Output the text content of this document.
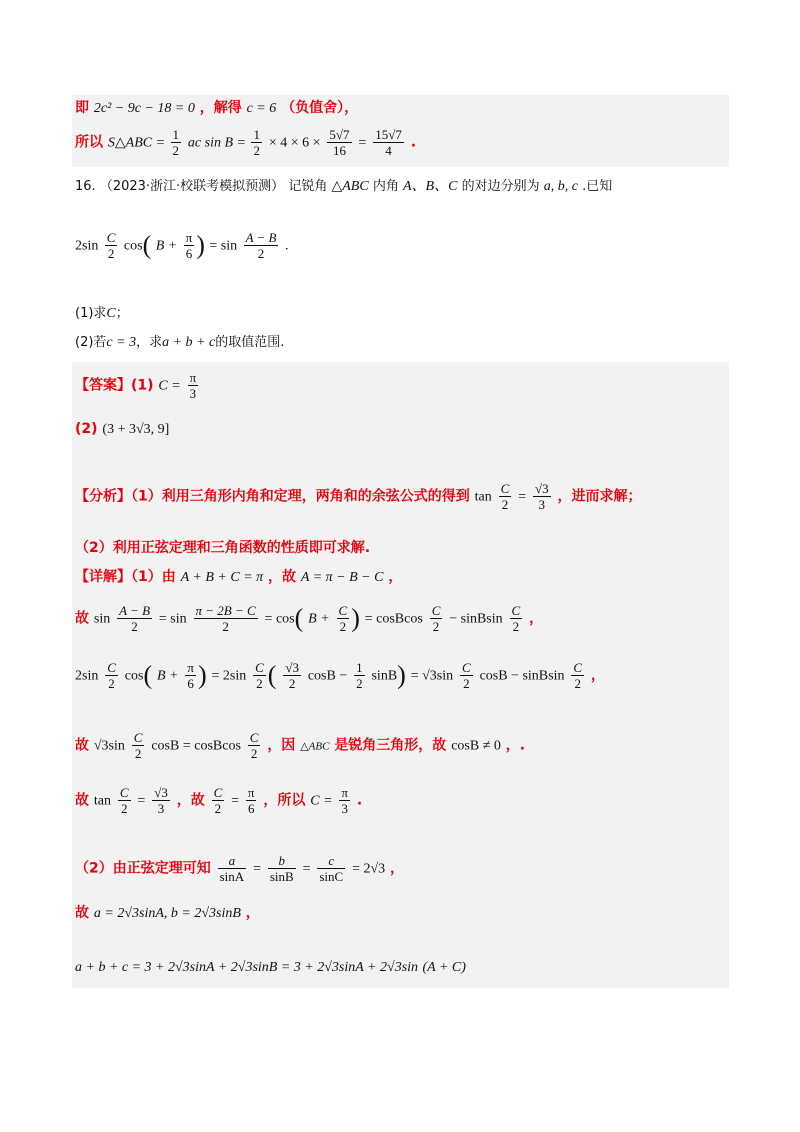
即 2c² − 9c − 18 = 0 ，解得 c = 6 （负值舍），
所以 S△ABC = $\frac{1}{2}$ ac $\sin B = \frac{1}{2} \times 4 \times 6 \times \frac{5√7}{16} = \frac{15√7}{4}$ .
16. （2023·浙江·校联考模拟预测） 记锐角 △ABC 内角 A、B、C 的对边分别为 a, b, c .已知
$2\sin \frac{C}{2} \cos$( $B + \frac{\pi}{6}$ ) = $\sin \frac{A - B}{2}$ .
(1)求C；
(2)若c = 3，求a + b + c的取值范围.
【答案】(1) $C = \frac{\pi}{3}$
(2) (3 + 3√3, 9]
【分析】（1）利用三角形内角和定理，两角和的余弦公式的得到 $\tan \frac{C}{2} = \frac{√3}{3}$ ，进而求解；
（2）利用正弦定理和三角函数的性质即可求解.
【详解】（1）由 A + B + C = π ，故 A = π − B − C ，
故 $\sin \frac{A - B}{2} = \sin \frac{\pi - 2B - C}{2} = \cos$( $B + \frac{C}{2}$ ) = cosBcos $\frac{C}{2}$ − sinBsin $\frac{C}{2}$ ，
$2\sin \frac{C}{2} \cos$( $B + \frac{\pi}{6}$ ) = $2\sin \frac{C}{2}$ ( $\frac{√3}{2}$ $\cos B - \frac{1}{2} \sin B) = √3\sin \frac{C}{2}$ cosB − sinBsin $\frac{C}{2}$ ，
故 $√3\sin \frac{C}{2}$ cosB = cosBcos $\frac{C}{2}$ ，因 △ABC 是锐角三角形，故 cosB ≠ 0 ，.
故 $\tan \frac{C}{2} = \frac{√3}{3}$ ，故 $\frac{C}{2} = \frac{\pi}{6}$ ，所以 $C = \frac{\pi}{3}$ .
（2）由正弦定理可知 $\frac{a}{\sin A} = \frac{b}{\sin B} = \frac{c}{\sin C} = 2√3$ ，
故 a = 2√3sinA, b = 2√3sinB ，
a + b + c = 3 + 2√3sinA + 2√3sinB = 3 + 2√3sinA + 2√3sin (A + C)
